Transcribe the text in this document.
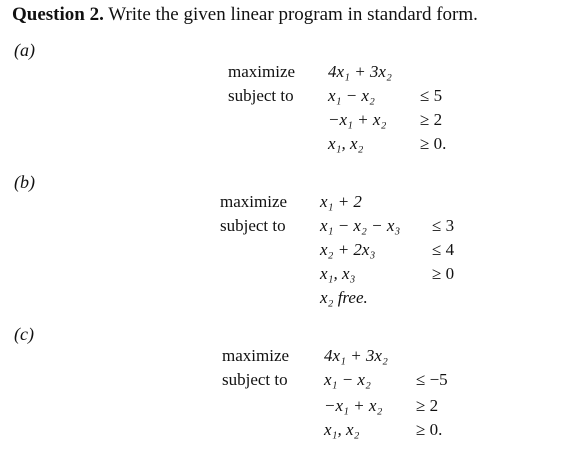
Question 2. Write the given linear program in standard form.
(a)
maximize 4x₁ + 3x₂
subject to x₁ − x₂	≤ 5
−x₁ + x₂ ≥ 2
x₁, x₂	≥ 0.
(b)
maximize x₁ + 2
subject to x₁ − x₂ − x₃ ≤ 3
x₂ + 2x₃	≤ 4
x₁, x₃	≥ 0
x₂ free.
(c)
maximize 4x₁ + 3x₂
subject to x₁ − x₂	≤ −5
−x₁ + x₂ ≥ 2
x₁, x₂	≥ 0.
